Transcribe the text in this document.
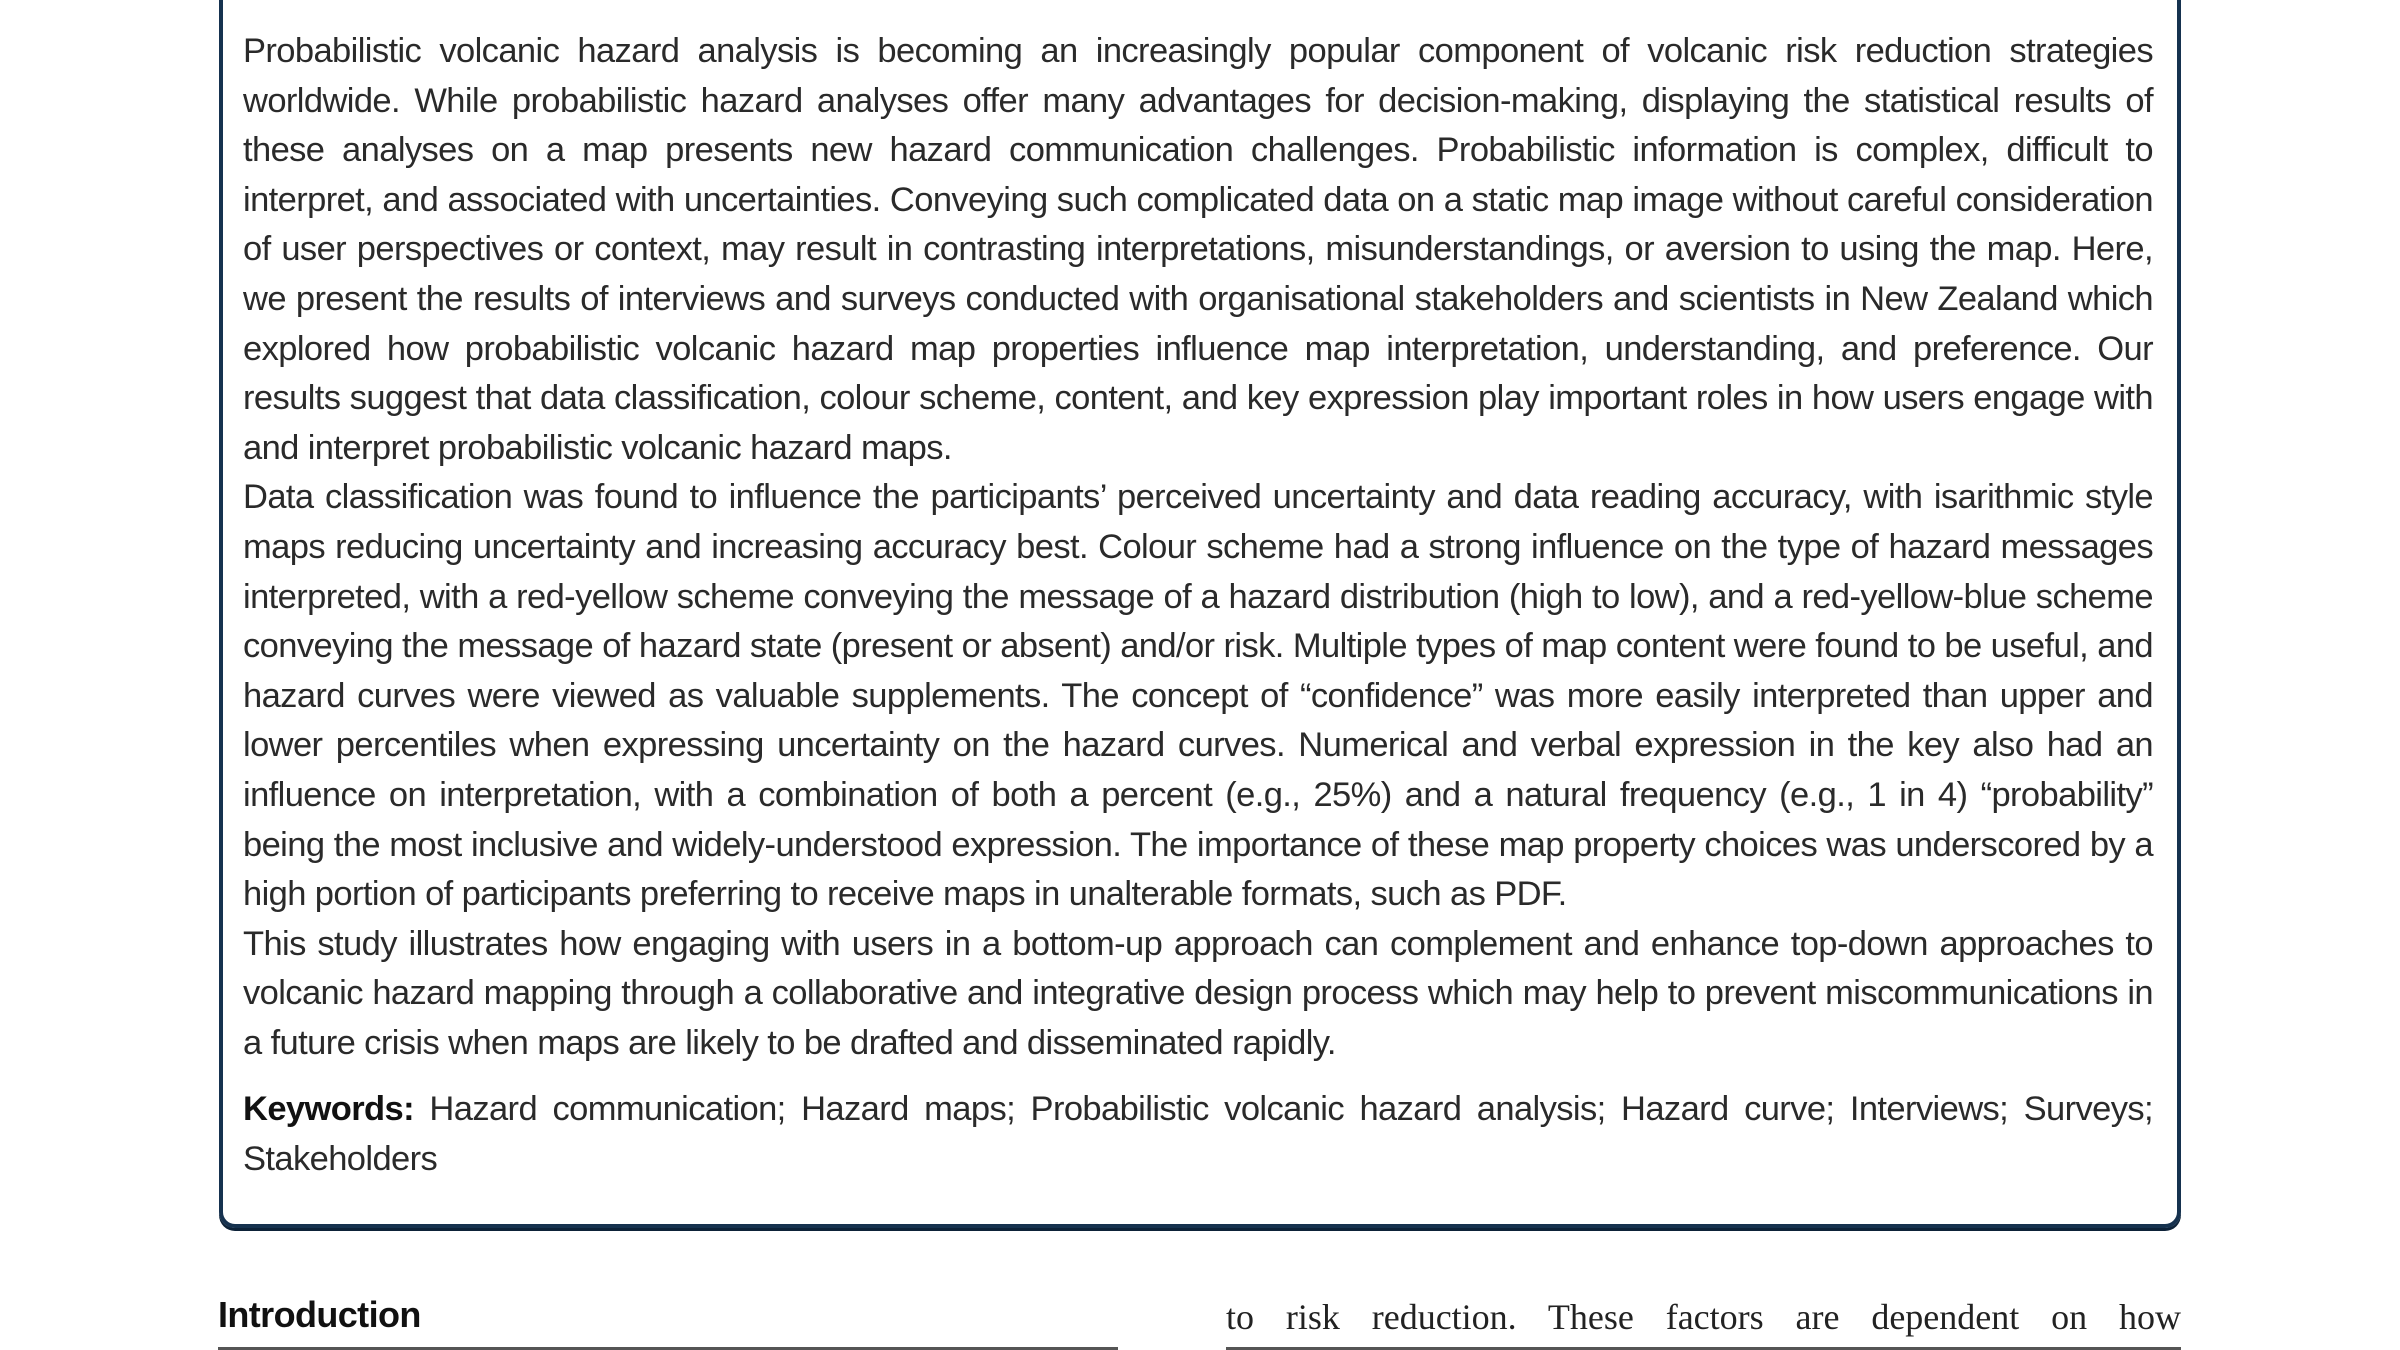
Probabilistic volcanic hazard analysis is becoming an increasingly popular component of volcanic risk reduction strategies worldwide. While probabilistic hazard analyses offer many advantages for decision-making, displaying the statistical results of these analyses on a map presents new hazard communication challenges. Probabilistic information is complex, difficult to interpret, and associated with uncertainties. Conveying such complicated data on a static map image without careful consideration of user perspectives or context, may result in contrasting interpretations, misunderstandings, or aversion to using the map. Here, we present the results of interviews and surveys conducted with organisational stakeholders and scientists in New Zealand which explored how probabilistic volcanic hazard map properties influence map interpretation, understanding, and preference. Our results suggest that data classification, colour scheme, content, and key expression play important roles in how users engage with and interpret probabilistic volcanic hazard maps.

Data classification was found to influence the participants’ perceived uncertainty and data reading accuracy, with isarithmic style maps reducing uncertainty and increasing accuracy best. Colour scheme had a strong influence on the type of hazard messages interpreted, with a red-yellow scheme conveying the message of a hazard distribution (high to low), and a red-yellow-blue scheme conveying the message of hazard state (present or absent) and/or risk. Multiple types of map content were found to be useful, and hazard curves were viewed as valuable supplements. The concept of “confidence” was more easily interpreted than upper and lower percentiles when expressing uncertainty on the hazard curves. Numerical and verbal expression in the key also had an influence on interpretation, with a combination of both a percent (e.g., 25%) and a natural frequency (e.g., 1 in 4) “probability” being the most inclusive and widely-understood expression. The importance of these map property choices was underscored by a high portion of participants preferring to receive maps in unalterable formats, such as PDF.

This study illustrates how engaging with users in a bottom-up approach can complement and enhance top-down approaches to volcanic hazard mapping through a collaborative and integrative design process which may help to prevent miscommunications in a future crisis when maps are likely to be drafted and disseminated rapidly.

Keywords: Hazard communication; Hazard maps; Probabilistic volcanic hazard analysis; Hazard curve; Interviews; Surveys; Stakeholders

Introduction	to risk reduction. These factors are dependent on how
